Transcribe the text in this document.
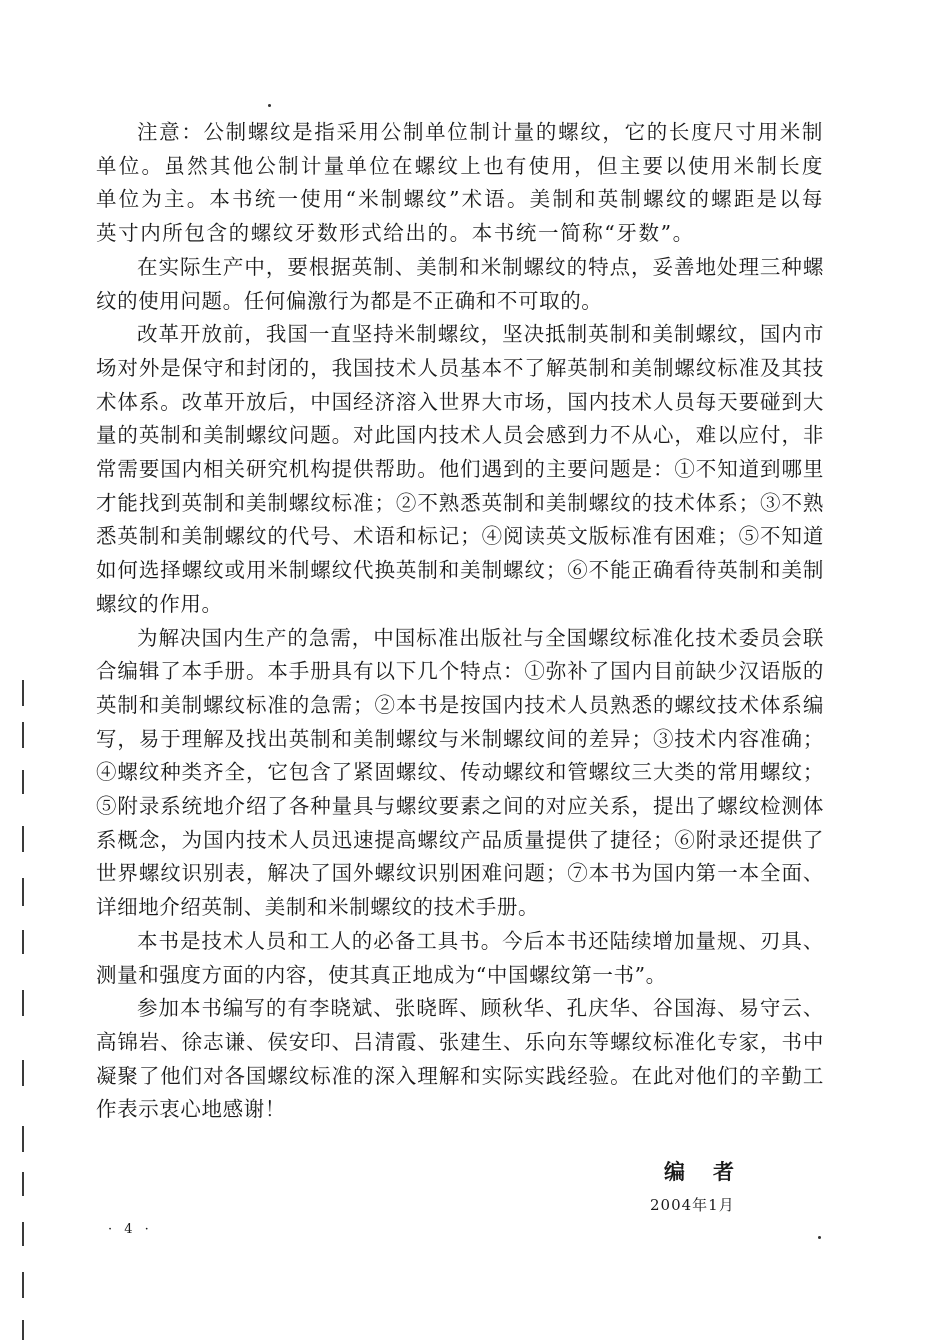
注意：公制螺纹是指采用公制单位制计量的螺纹，它的长度尺寸用米制单位。虽然其他公制计量单位在螺纹上也有使用，但主要以使用米制长度单位为主。本书统一使用“米制螺纹”术语。美制和英制螺纹的螺距是以每英寸内所包含的螺纹牙数形式给出的。本书统一简称“牙数”。

在实际生产中，要根据英制、美制和米制螺纹的特点，妥善地处理三种螺纹的使用问题。任何偏激行为都是不正确和不可取的。

改革开放前，我国一直坚持米制螺纹，坚决抵制英制和美制螺纹，国内市场对外是保守和封闭的，我国技术人员基本不了解英制和美制螺纹标准及其技术体系。改革开放后，中国经济溶入世界大市场，国内技术人员每天要碰到大量的英制和美制螺纹问题。对此国内技术人员会感到力不从心，难以应付，非常需要国内相关研究机构提供帮助。他们遇到的主要问题是：①不知道到哪里才能找到英制和美制螺纹标准；②不熟悉英制和美制螺纹的技术体系；③不熟悉英制和美制螺纹的代号、术语和标记；④阅读英文版标准有困难；⑤不知道如何选择螺纹或用米制螺纹代换英制和美制螺纹；⑥不能正确看待英制和美制螺纹的作用。

为解决国内生产的急需，中国标准出版社与全国螺纹标准化技术委员会联合编辑了本手册。本手册具有以下几个特点：①弥补了国内目前缺少汉语版的英制和美制螺纹标准的急需；②本书是按国内技术人员熟悉的螺纹技术体系编写，易于理解及找出英制和美制螺纹与米制螺纹间的差异；③技术内容准确；④螺纹种类齐全，它包含了紧固螺纹、传动螺纹和管螺纹三大类的常用螺纹；⑤附录系统地介绍了各种量具与螺纹要素之间的对应关系，提出了螺纹检测体系概念，为国内技术人员迅速提高螺纹产品质量提供了捷径；⑥附录还提供了世界螺纹识别表，解决了国外螺纹识别困难问题；⑦本书为国内第一本全面、详细地介绍英制、美制和米制螺纹的技术手册。

本书是技术人员和工人的必备工具书。今后本书还陆续增加量规、刃具、测量和强度方面的内容，使其真正地成为“中国螺纹第一书”。

参加本书编写的有李晓斌、张晓晖、顾秋华、孔庆华、谷国海、易守云、高锦岩、徐志谦、侯安印、吕清霞、张建生、乐向东等螺纹标准化专家，书中凝聚了他们对各国螺纹标准的深入理解和实际实践经验。在此对他们的辛勤工作表示衷心地感谢！

编者
2004年1月
· 4 ·
